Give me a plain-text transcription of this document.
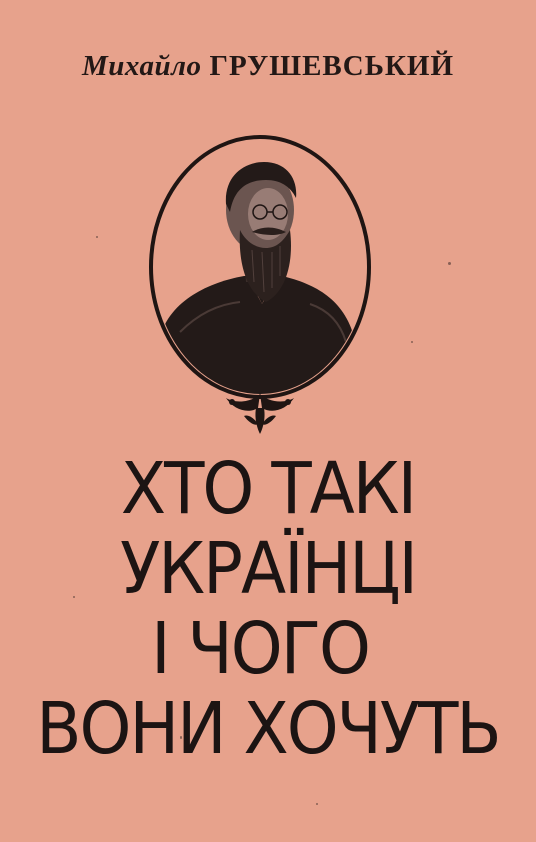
Михайло ГРУШЕВСЬКИЙ
ХТО ТАКІ
УКРАЇНЦІ
І ЧОГО
ВОНИ ХОЧУТЬ
